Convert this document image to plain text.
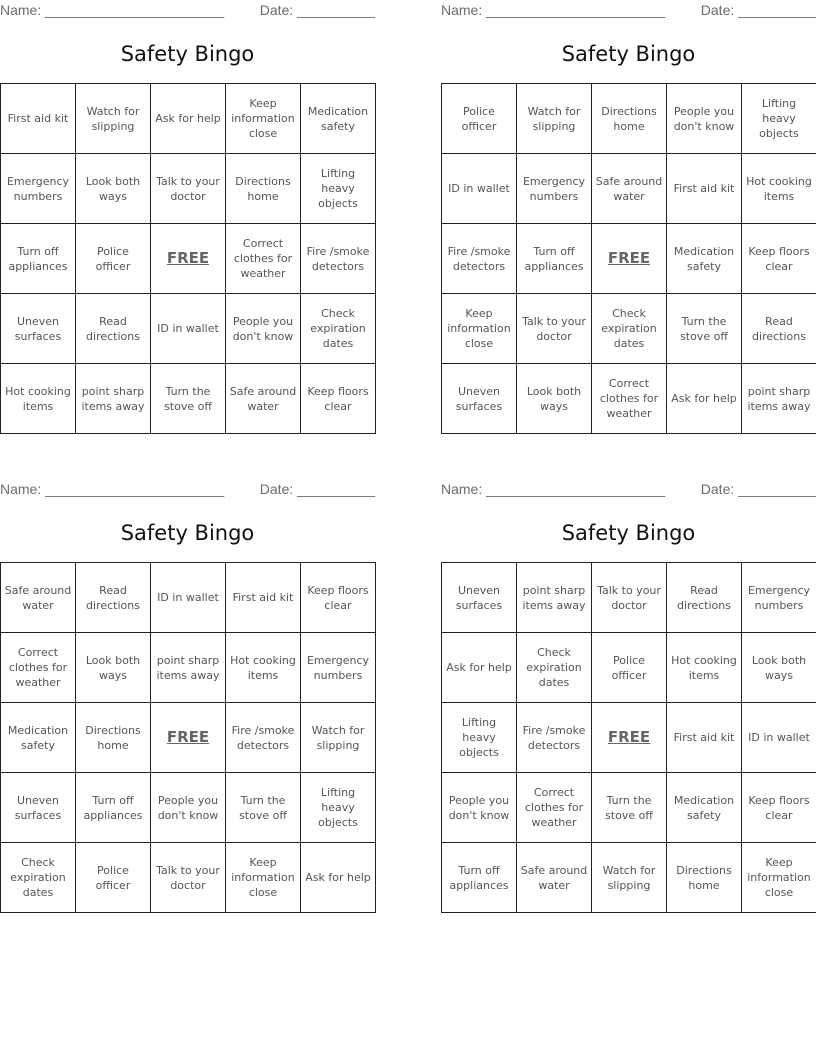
Name: _______________________	Date: __________
Safety Bingo
First aid kit	Watch for slipping	Ask for help	Keep information close	Medication safety
Emergency numbers	Look both ways	Talk to your doctor	Directions home	Lifting heavy objects
Turn off appliances	Police officer	FREE	Correct clothes for weather	Fire /smoke detectors
Uneven surfaces	Read directions	ID in wallet	People you don't know	Check expiration dates
Hot cooking items	point sharp items away	Turn the stove off	Safe around water	Keep floors clear
Name: _______________________	Date: __________
Safety Bingo
Police officer	Watch for slipping	Directions home	People you don't know	Lifting heavy objects
ID in wallet	Emergency numbers	Safe around water	First aid kit	Hot cooking items
Fire /smoke detectors	Turn off appliances	FREE	Medication safety	Keep floors clear
Keep information close	Talk to your doctor	Check expiration dates	Turn the stove off	Read directions
Uneven surfaces	Look both ways	Correct clothes for weather	Ask for help	point sharp items away
Name: _______________________	Date: __________
Safety Bingo
Safe around water	Read directions	ID in wallet	First aid kit	Keep floors clear
Correct clothes for weather	Look both ways	point sharp items away	Hot cooking items	Emergency numbers
Medication safety	Directions home	FREE	Fire /smoke detectors	Watch for slipping
Uneven surfaces	Turn off appliances	People you don't know	Turn the stove off	Lifting heavy objects
Check expiration dates	Police officer	Talk to your doctor	Keep information close	Ask for help
Name: _______________________	Date: __________
Safety Bingo
Uneven surfaces	point sharp items away	Talk to your doctor	Read directions	Emergency numbers
Ask for help	Check expiration dates	Police officer	Hot cooking items	Look both ways
Lifting heavy objects	Fire /smoke detectors	FREE	First aid kit	ID in wallet
People you don't know	Correct clothes for weather	Turn the stove off	Medication safety	Keep floors clear
Turn off appliances	Safe around water	Watch for slipping	Directions home	Keep information close
